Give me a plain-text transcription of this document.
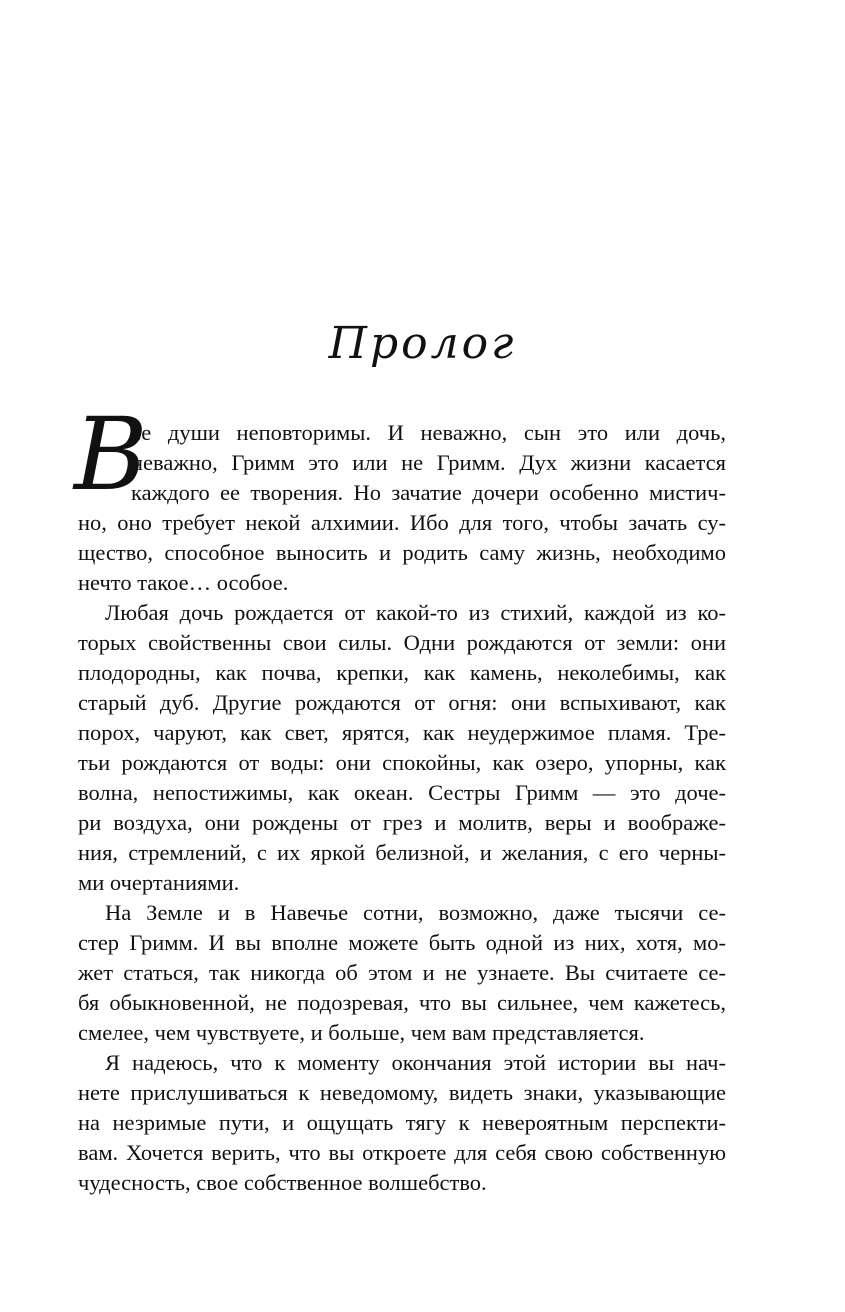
Пролог
В
се души неповторимы. И неважно, сын это или дочь,
неважно, Гримм это или не Гримм. Дух жизни касается
каждого ее творения. Но зачатие дочери особенно мистич-
но, оно требует некой алхимии. Ибо для того, чтобы зачать су-
щество, способное выносить и родить саму жизнь, необходимо
нечто такое… особое.
Любая дочь рождается от какой-то из стихий, каждой из ко-
торых свойственны свои силы. Одни рождаются от земли: они
плодородны, как почва, крепки, как камень, неколебимы, как
старый дуб. Другие рождаются от огня: они вспыхивают, как
порох, чаруют, как свет, ярятся, как неудержимое пламя. Тре-
тьи рождаются от воды: они спокойны, как озеро, упорны, как
волна, непостижимы, как океан. Сестры Гримм — это доче-
ри воздуха, они рождены от грез и молитв, веры и воображе-
ния, стремлений, с их яркой белизной, и желания, с его черны-
ми очертаниями.
На Земле и в Навечье сотни, возможно, даже тысячи се-
стер Гримм. И вы вполне можете быть одной из них, хотя, мо-
жет статься, так никогда об этом и не узнаете. Вы считаете се-
бя обыкновенной, не подозревая, что вы сильнее, чем кажетесь,
смелее, чем чувствуете, и больше, чем вам представляется.
Я надеюсь, что к моменту окончания этой истории вы нач-
нете прислушиваться к неведомому, видеть знаки, указывающие
на незримые пути, и ощущать тягу к невероятным перспекти-
вам. Хочется верить, что вы откроете для себя свою собственную
чудесность, свое собственное волшебство.
